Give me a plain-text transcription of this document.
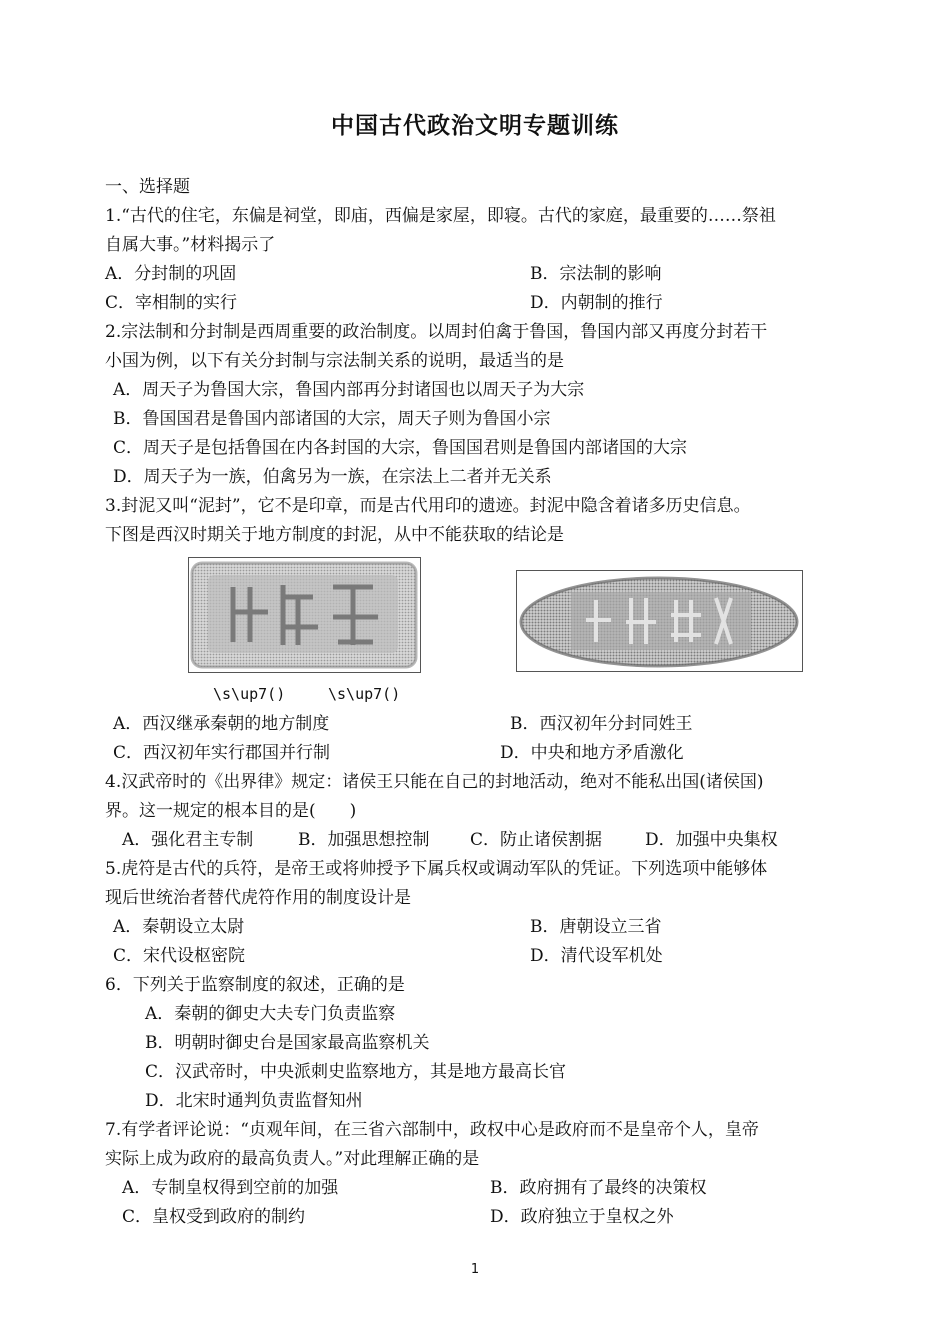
中国古代政治文明专题训练
一、选择题
1.“古代的住宅，东偏是祠堂，即庙，西偏是家屋，即寝。古代的家庭，最重要的……祭祖
自属大事。”材料揭示了
A．分封制的巩固	B．宗法制的影响
C．宰相制的实行	D．内朝制的推行
2.宗法制和分封制是西周重要的政治制度。以周封伯禽于鲁国，鲁国内部又再度分封若干
小国为例，以下有关分封制与宗法制关系的说明，最适当的是
A．周天子为鲁国大宗，鲁国内部再分封诸国也以周天子为大宗
B．鲁国国君是鲁国内部诸国的大宗，周天子则为鲁国小宗
C．周天子是包括鲁国在内各封国的大宗，鲁国国君则是鲁国内部诸国的大宗
D．周天子为一族，伯禽另为一族，在宗法上二者并无关系
3.封泥又叫“泥封”，它不是印章，而是古代用印的遗迹。封泥中隐含着诸多历史信息。
下图是西汉时期关于地方制度的封泥，从中不能获取的结论是
\s\up7()	\s\up7()
A．西汉继承秦朝的地方制度	B．西汉初年分封同姓王
C．西汉初年实行郡国并行制	D．中央和地方矛盾激化
4.汉武帝时的《出界律》规定：诸侯王只能在自己的封地活动，绝对不能私出国(诸侯国)
界。这一规定的根本目的是(　　)
A．强化君主专制	B．加强思想控制 C．防止诸侯割据	D．加强中央集权
5.虎符是古代的兵符，是帝王或将帅授予下属兵权或调动军队的凭证。下列选项中能够体
现后世统治者替代虎符作用的制度设计是
A．秦朝设立太尉	B．唐朝设立三省
C．宋代设枢密院	D．清代设军机处
6．下列关于监察制度的叙述，正确的是
A．秦朝的御史大夫专门负责监察
B．明朝时御史台是国家最高监察机关
C．汉武帝时，中央派刺史监察地方，其是地方最高长官
D．北宋时通判负责监督知州
7.有学者评论说：“贞观年间，在三省六部制中，政权中心是政府而不是皇帝个人，皇帝
实际上成为政府的最高负责人。”对此理解正确的是
A．专制皇权得到空前的加强	B．政府拥有了最终的决策权
C．皇权受到政府的制约	D．政府独立于皇权之外
1
